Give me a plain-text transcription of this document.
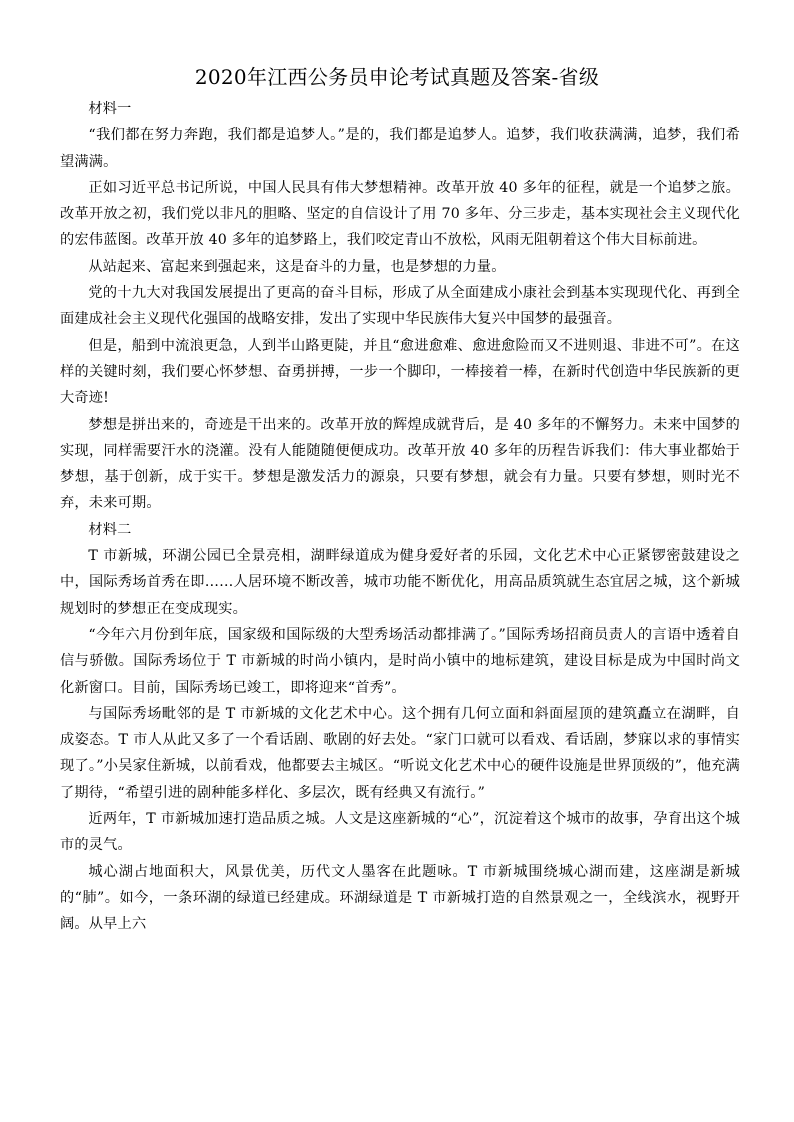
2020年江西公务员申论考试真题及答案-省级

材料一

“我们都在努力奔跑，我们都是追梦人。”是的，我们都是追梦人。追梦，我们收获满满，追梦，我们希望满满。

正如习近平总书记所说，中国人民具有伟大梦想精神。改革开放 40 多年的征程，就是一个追梦之旅。改革开放之初，我们党以非凡的胆略、坚定的自信设计了用 70 多年、分三步走，基本实现社会主义现代化的宏伟蓝图。改革开放 40 多年的追梦路上，我们咬定青山不放松，风雨无阻朝着这个伟大目标前进。

从站起来、富起来到强起来，这是奋斗的力量，也是梦想的力量。

党的十九大对我国发展提出了更高的奋斗目标，形成了从全面建成小康社会到基本实现现代化、再到全面建成社会主义现代化强国的战略安排，发出了实现中华民族伟大复兴中国梦的最强音。

但是，船到中流浪更急，人到半山路更陡，并且“愈进愈难、愈进愈险而又不进则退、非进不可”。在这样的关键时刻，我们要心怀梦想、奋勇拼搏，一步一个脚印，一棒接着一棒，在新时代创造中华民族新的更大奇迹!

梦想是拼出来的，奇迹是干出来的。改革开放的辉煌成就背后，是 40 多年的不懈努力。未来中国梦的实现，同样需要汗水的浇灌。没有人能随随便便成功。改革开放 40 多年的历程告诉我们：伟大事业都始于梦想，基于创新，成于实干。梦想是激发活力的源泉，只要有梦想，就会有力量。只要有梦想，则时光不弃，未来可期。

材料二

T 市新城，环湖公园已全景亮相，湖畔绿道成为健身爱好者的乐园，文化艺术中心正紧锣密鼓建设之中，国际秀场首秀在即……人居环境不断改善，城市功能不断优化，用高品质筑就生态宜居之城，这个新城规划时的梦想正在变成现实。

“今年六月份到年底，国家级和国际级的大型秀场活动都排满了。”国际秀场招商员责人的言语中透着自信与骄傲。国际秀场位于 T 市新城的时尚小镇内，是时尚小镇中的地标建筑，建设目标是成为中国时尚文化新窗口。目前，国际秀场已竣工，即将迎来“首秀”。

与国际秀场毗邻的是 T 市新城的文化艺术中心。这个拥有几何立面和斜面屋顶的建筑矗立在湖畔，自成姿态。T 市人从此又多了一个看话剧、歌剧的好去处。“家门口就可以看戏、看话剧，梦寐以求的事情实现了。”小吴家住新城，以前看戏，他都要去主城区。“听说文化艺术中心的硬件设施是世界顶级的”，他充满了期待，“希望引进的剧种能多样化、多层次，既有经典又有流行。”

近两年，T 市新城加速打造品质之城。人文是这座新城的“心”，沉淀着这个城市的故事，孕育出这个城市的灵气。

城心湖占地面积大，风景优美，历代文人墨客在此题咏。T 市新城围绕城心湖而建，这座湖是新城的“肺”。如今，一条环湖的绿道已经建成。环湖绿道是 T 市新城打造的自然景观之一，全线滨水，视野开阔。从早上六
